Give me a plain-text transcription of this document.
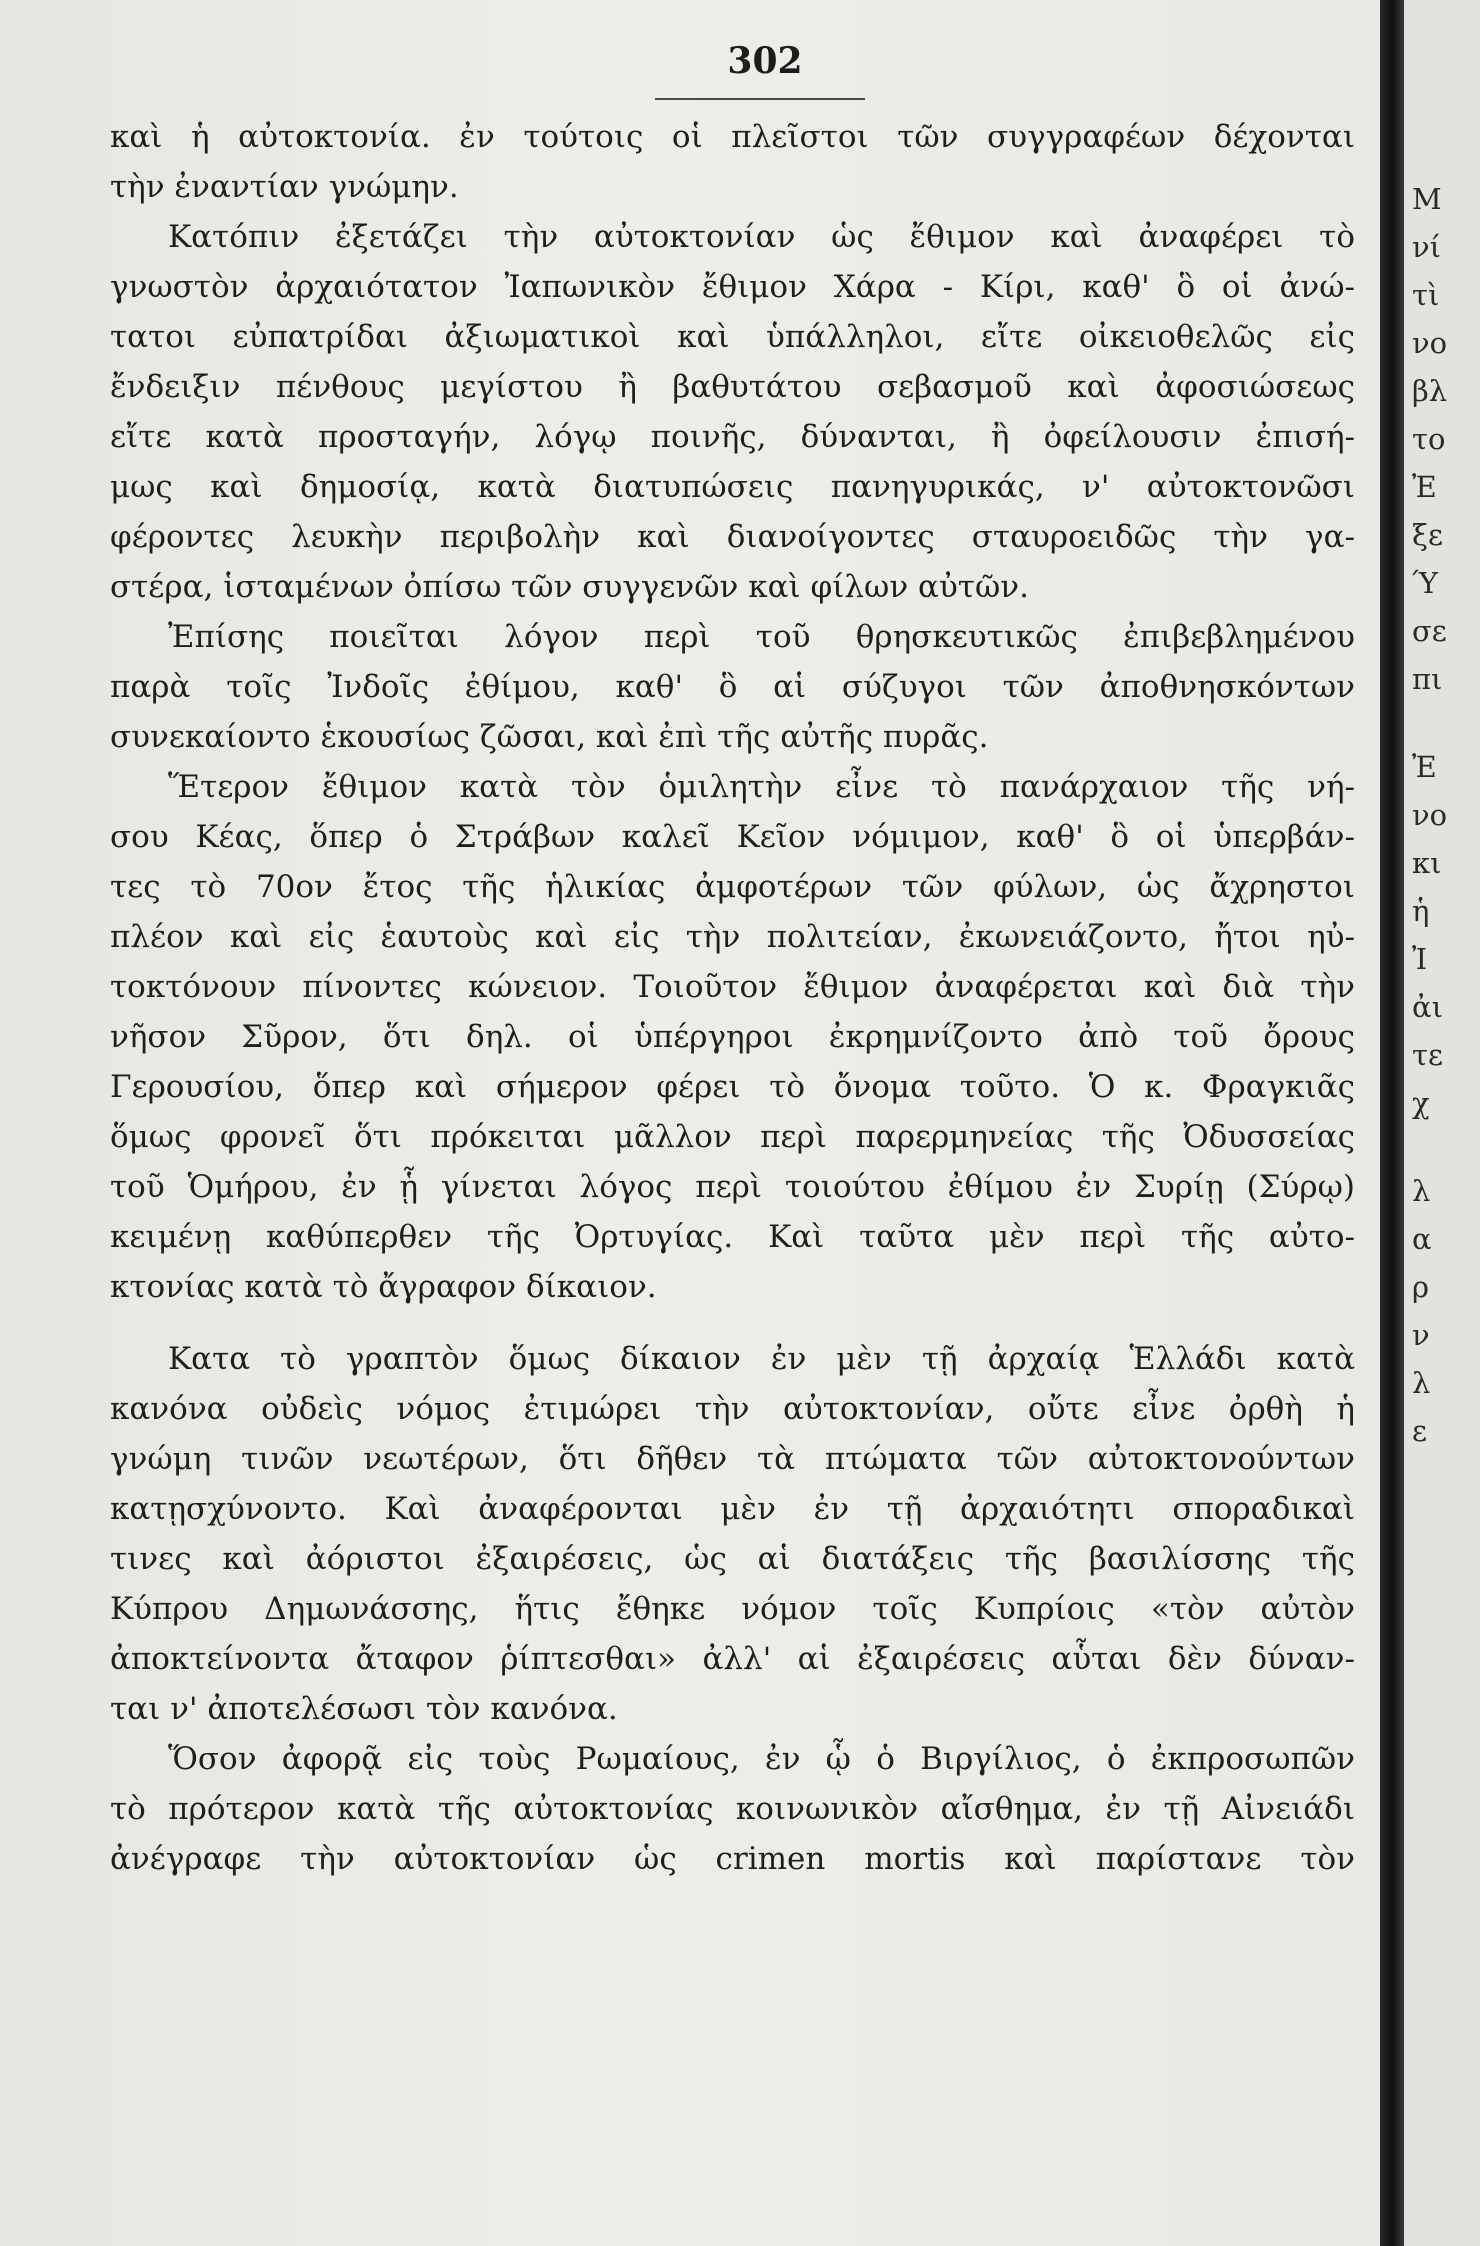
302
καὶ ἡ αὐτοκτονία. ἐν τούτοις οἱ πλεῖστοι τῶν συγγραφέων δέχονται
τὴν ἐναντίαν γνώμην.
Κατόπιν ἐξετάζει τὴν αὐτοκτονίαν ὡς ἔθιμον καὶ ἀναφέρει τὸ
γνωστὸν ἀρχαιότατον Ἰαπωνικὸν ἔθιμον Χάρα - Κίρι, καθ' ὃ οἱ ἀνώ-
τατοι εὐπατρίδαι ἀξιωματικοὶ καὶ ὑπάλληλοι, εἴτε οἰκειοθελῶς εἰς
ἔνδειξιν πένθους μεγίστου ἢ βαθυτάτου σεβασμοῦ καὶ ἀφοσιώσεως
εἴτε κατὰ προσταγήν, λόγῳ ποινῆς, δύνανται, ἢ ὀφείλουσιν ἐπισή-
μως καὶ δημοσίᾳ, κατὰ διατυπώσεις πανηγυρικάς, ν' αὐτοκτονῶσι
φέροντες λευκὴν περιβολὴν καὶ διανοίγοντες σταυροειδῶς τὴν γα-
στέρα, ἱσταμένων ὀπίσω τῶν συγγενῶν καὶ φίλων αὐτῶν.
Ἐπίσης ποιεῖται λόγον περὶ τοῦ θρησκευτικῶς ἐπιβεβλημένου
παρὰ τοῖς Ἰνδοῖς ἐθίμου, καθ' ὃ αἱ σύζυγοι τῶν ἀποθνησκόντων
συνεκαίοντο ἑκουσίως ζῶσαι, καὶ ἐπὶ τῆς αὐτῆς πυρᾶς.
Ἕτερον ἔθιμον κατὰ τὸν ὁμιλητὴν εἶνε τὸ πανάρχαιον τῆς νή-
σου Κέας, ὅπερ ὁ Στράβων καλεῖ Κεῖον νόμιμον, καθ' ὃ οἱ ὑπερβάν-
τες τὸ 70ον ἔτος τῆς ἡλικίας ἀμφοτέρων τῶν φύλων, ὡς ἄχρηστοι
πλέον καὶ εἰς ἑαυτοὺς καὶ εἰς τὴν πολιτείαν, ἐκωνειάζοντο, ἤτοι ηὐ-
τοκτόνουν πίνοντες κώνειον. Τοιοῦτον ἔθιμον ἀναφέρεται καὶ διὰ τὴν
νῆσον Σῦρον, ὅτι δηλ. οἱ ὑπέργηροι ἐκρημνίζοντο ἀπὸ τοῦ ὄρους
Γερουσίου, ὅπερ καὶ σήμερον φέρει τὸ ὄνομα τοῦτο. Ὁ κ. Φραγκιᾶς
ὅμως φρονεῖ ὅτι πρόκειται μᾶλλον περὶ παρερμηνείας τῆς Ὀδυσσείας
τοῦ Ὁμήρου, ἐν ᾗ γίνεται λόγος περὶ τοιούτου ἐθίμου ἐν Συρίῃ (Σύρῳ)
κειμένῃ καθύπερθεν τῆς Ὀρτυγίας. Καὶ ταῦτα μὲν περὶ τῆς αὐτο-
κτονίας κατὰ τὸ ἄγραφον δίκαιον.
Κατα τὸ γραπτὸν ὅμως δίκαιον ἐν μὲν τῇ ἀρχαίᾳ Ἑλλάδι κατὰ
κανόνα οὐδεὶς νόμος ἐτιμώρει τὴν αὐτοκτονίαν, οὔτε εἶνε ὀρθὴ ἡ
γνώμη τινῶν νεωτέρων, ὅτι δῆθεν τὰ πτώματα τῶν αὐτοκτονούντων
κατῃσχύνοντο. Καὶ ἀναφέρονται μὲν ἐν τῇ ἀρχαιότητι σποραδικαὶ
τινες καὶ ἀόριστοι ἐξαιρέσεις, ὡς αἱ διατάξεις τῆς βασιλίσσης τῆς
Κύπρου Δημωνάσσης, ἥτις ἔθηκε νόμον τοῖς Κυπρίοις «τὸν αὐτὸν
ἀποκτείνοντα ἄταφον ῥίπτεσθαι» ἀλλ' αἱ ἐξαιρέσεις αὗται δὲν δύναν-
ται ν' ἀποτελέσωσι τὸν κανόνα.
Ὅσον ἀφορᾷ εἰς τοὺς Ρωμαίους, ἐν ᾧ ὁ Βιργίλιος, ὁ ἐκπροσωπῶν
τὸ πρότερον κατὰ τῆς αὐτοκτονίας κοινωνικὸν αἴσθημα, ἐν τῇ Αἰνειάδι
ἀνέγραφε τὴν αὐτοκτονίαν ὡς crimen mortis καὶ παρίστανε τὸν
Μ
νί
τὶ
νο
βλ
το
Ἐ
ξε
Ύ
σε
πι
Ἐ
νο
κι
ἡ
Ἰ
ἀι
τε
χ
λ
α
ρ
ν
λ
ε
